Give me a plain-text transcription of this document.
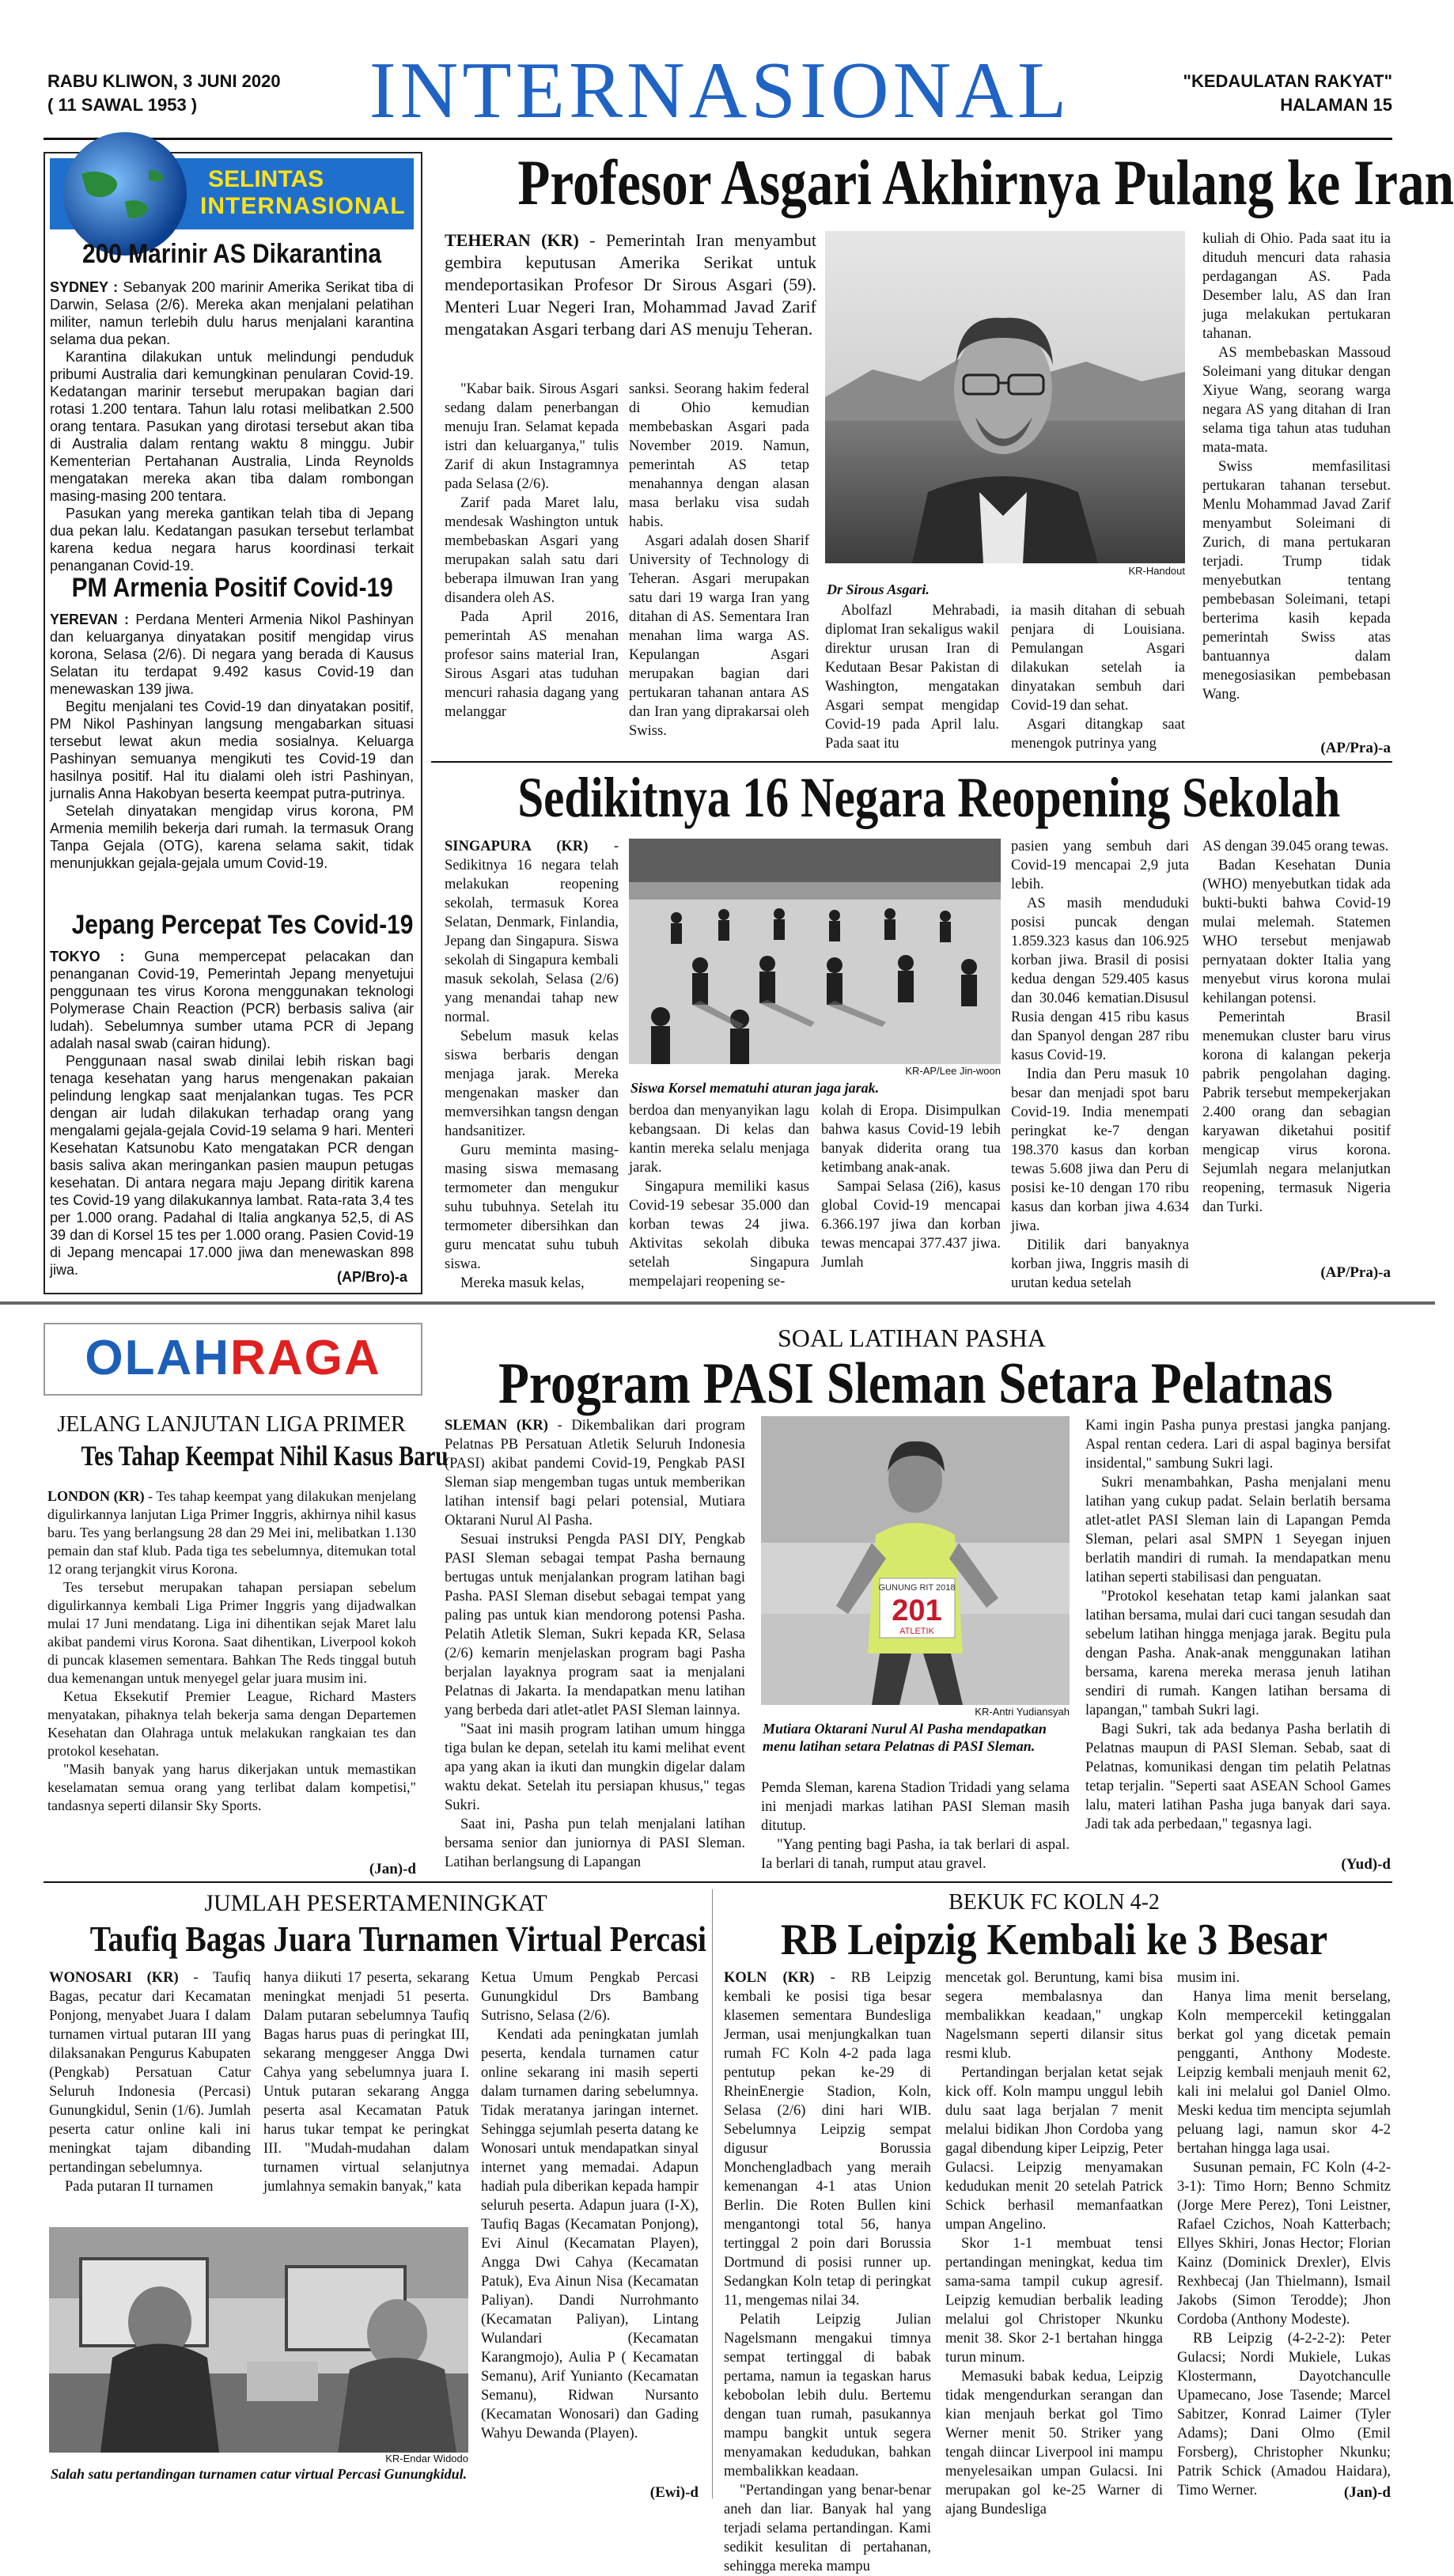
RABU KLIWON, 3 JUNI 2020
( 11 SAWAL 1953 )	INTERNASIONAL	"KEDAULATAN RAKYAT"
HALAMAN 15
SELINTAS
INTERNASIONAL
200 Marinir AS Dikarantina

SYDNEY : Sebanyak 200 marinir Amerika Serikat tiba di Darwin, Selasa (2/6). Mereka akan menjalani pelatihan militer, namun terlebih dulu harus menjalani karantina selama dua pekan.

Karantina dilakukan untuk melindungi penduduk pribumi Australia dari kemungkinan penularan Covid-19. Kedatangan marinir tersebut merupakan bagian dari rotasi 1.200 tentara. Tahun lalu rotasi melibatkan 2.500 orang tentara. Pasukan yang dirotasi tersebut akan tiba di Australia dalam rentang waktu 8 minggu. Jubir Kementerian Pertahanan Australia, Linda Reynolds mengatakan mereka akan tiba dalam rombongan masing-masing 200 tentara.

Pasukan yang mereka gantikan telah tiba di Jepang dua pekan lalu. Kedatangan pasukan tersebut terlambat karena kedua negara harus koordinasi terkait penanganan Covid-19.

PM Armenia Positif Covid-19

YEREVAN : Perdana Menteri Armenia Nikol Pashinyan dan keluarganya dinyatakan positif mengidap virus korona, Selasa (2/6). Di negara yang berada di Kausus Selatan itu terdapat 9.492 kasus Covid-19 dan menewaskan 139 jiwa.

Begitu menjalani tes Covid-19 dan dinyatakan positif, PM Nikol Pashinyan langsung mengabarkan situasi tersebut lewat akun media sosialnya. Keluarga Pashinyan semuanya mengikuti tes Covid-19 dan hasilnya positif. Hal itu dialami oleh istri Pashinyan, jurnalis Anna Hakobyan beserta keempat putra-putrinya.

Setelah dinyatakan mengidap virus korona, PM Armenia memilih bekerja dari rumah. Ia termasuk Orang Tanpa Gejala (OTG), karena selama sakit, tidak menunjukkan gejala-gejala umum Covid-19.

Jepang Percepat Tes Covid-19

TOKYO : Guna mempercepat pelacakan dan penanganan Covid-19, Pemerintah Jepang menyetujui penggunaan tes virus Korona menggunakan teknologi Polymerase Chain Reaction (PCR) berbasis saliva (air ludah). Sebelumnya sumber utama PCR di Jepang adalah nasal swab (cairan hidung).

Penggunaan nasal swab dinilai lebih riskan bagi tenaga kesehatan yang harus mengenakan pakaian pelindung lengkap saat menjalankan tugas. Tes PCR dengan air ludah dilakukan terhadap orang yang mengalami gejala-gejala Covid-19 selama 9 hari. Menteri Kesehatan Katsunobu Kato mengatakan PCR dengan basis saliva akan meringankan pasien maupun petugas kesehatan. Di antara negara maju Jepang diritik karena tes Covid-19 yang dilakukannya lambat. Rata-rata 3,4 tes per 1.000 orang. Padahal di Italia angkanya 52,5, di AS 39 dan di Korsel 15 tes per 1.000 orang. Pasien Covid-19 di Jepang mencapai 17.000 jiwa dan menewaskan 898 jiwa.	(AP/Bro)-a
Profesor Asgari Akhirnya Pulang ke Iran

TEHERAN (KR) - Pemerintah Iran menyambut gembira keputusan Amerika Serikat untuk mendeportasikan Profesor Dr Sirous Asgari (59). Menteri Luar Negeri Iran, Mohammad Javad Zarif mengatakan Asgari terbang dari AS menuju Teheran.

"Kabar baik. Sirous Asgari sedang dalam penerbangan menuju Iran. Selamat kepada istri dan keluarganya," tulis Zarif di akun Instagramnya pada Selasa (2/6).

Zarif pada Maret lalu, mendesak Washington untuk membebaskan Asgari yang merupakan salah satu dari beberapa ilmuwan Iran yang disandera oleh AS.

Pada April 2016, pemerintah AS menahan profesor sains material Iran, Sirous Asgari atas tuduhan mencuri rahasia dagang yang melanggar

sanksi. Seorang hakim federal di Ohio kemudian membebaskan Asgari pada November 2019. Namun, pemerintah AS tetap menahannya dengan alasan masa berlaku visa sudah habis.

Asgari adalah dosen Sharif University of Technology di Teheran. Asgari merupakan satu dari 19 warga Iran yang ditahan di AS. Sementara Iran menahan lima warga AS. Kepulangan Asgari merupakan bagian dari pertukaran tahanan antara AS dan Iran yang diprakarsai oleh Swiss.

KR-Handout
Dr Sirous Asgari.

Abolfazl Mehrabadi, diplomat Iran sekaligus wakil direktur urusan Iran di Kedutaan Besar Pakistan di Washington, mengatakan Asgari sempat mengidap Covid-19 pada April lalu. Pada saat itu

ia masih ditahan di sebuah penjara di Louisiana. Pemulangan Asgari dilakukan setelah ia dinyatakan sembuh dari Covid-19 dan sehat.

Asgari ditangkap saat menengok putrinya yang

kuliah di Ohio. Pada saat itu ia dituduh mencuri data rahasia perdagangan AS. Pada Desember lalu, AS dan Iran juga melakukan pertukaran tahanan.

AS membebaskan Massoud Soleimani yang ditukar dengan Xiyue Wang, seorang warga negara AS yang ditahan di Iran selama tiga tahun atas tuduhan mata-mata.

Swiss memfasilitasi pertukaran tahanan tersebut. Menlu Mohammad Javad Zarif menyambut Soleimani di Zurich, di mana pertukaran terjadi. Trump tidak menyebutkan tentang pembebasan Soleimani, tetapi berterima kasih kepada pemerintah Swiss atas bantuannya dalam menegosiasikan pembebasan Wang.

(AP/Pra)-a
Sedikitnya 16 Negara Reopening Sekolah

SINGAPURA (KR) - Sedikitnya 16 negara telah melakukan reopening sekolah, termasuk Korea Selatan, Denmark, Finlandia, Jepang dan Singapura. Siswa sekolah di Singapura kembali masuk sekolah, Selasa (2/6) yang menandai tahap new normal.

Sebelum masuk kelas siswa berbaris dengan menjaga jarak. Mereka mengenakan masker dan memversihkan tangsn dengan handsanitizer.

Guru meminta masing-masing siswa memasang termometer dan mengukur suhu tubuhnya. Setelah itu termometer dibersihkan dan guru mencatat suhu tubuh siswa.

Mereka masuk kelas,

KR-AP/Lee Jin-woon
Siswa Korsel mematuhi aturan jaga jarak.

berdoa dan menyanyikan lagu kebangsaan. Di kelas dan kantin mereka selalu menjaga jarak.

Singapura memiliki kasus Covid-19 sebesar 35.000 dan korban tewas 24 jiwa. Aktivitas sekolah dibuka setelah Singapura mempelajari reopening se-

kolah di Eropa. Disimpulkan bahwa kasus Covid-19 lebih banyak diderita orang tua ketimbang anak-anak.

Sampai Selasa (2i6), kasus global Covid-19 mencapai 6.366.197 jiwa dan korban tewas mencapai 377.437 jiwa. Jumlah

pasien yang sembuh dari Covid-19 mencapai 2,9 juta lebih.

AS masih menduduki posisi puncak dengan 1.859.323 kasus dan 106.925 korban jiwa. Brasil di posisi kedua dengan 529.405 kasus dan 30.046 kematian.Disusul Rusia dengan 415 ribu kasus dan Spanyol dengan 287 ribu kasus Covid-19.

India dan Peru masuk 10 besar dan menjadi spot baru Covid-19. India menempati peringkat ke-7 dengan 198.370 kasus dan korban tewas 5.608 jiwa dan Peru di posisi ke-10 dengan 170 ribu kasus dan korban jiwa 4.634 jiwa.

Ditilik dari banyaknya korban jiwa, Inggris masih di urutan kedua setelah

AS dengan 39.045 orang tewas.

Badan Kesehatan Dunia (WHO) menyebutkan tidak ada bukti-bukti bahwa Covid-19 mulai melemah. Statemen WHO tersebut menjawab pernyataan dokter Italia yang menyebut virus korona mulai kehilangan potensi.

Pemerintah Brasil menemukan cluster baru virus korona di kalangan pekerja pabrik pengolahan daging. Pabrik tersebut mempekerjakan 2.400 orang dan sebagian karyawan diketahui positif mengicap virus korona. Sejumlah negara melanjutkan reopening, termasuk Nigeria dan Turki.

(AP/Pra)-a
OLAHRAGA
JELANG LANJUTAN LIGA PRIMER
Tes Tahap Keempat Nihil Kasus Baru

LONDON (KR) - Tes tahap keempat yang dilakukan menjelang digulirkannya lanjutan Liga Primer Inggris, akhirnya nihil kasus baru. Tes yang berlangsung 28 dan 29 Mei ini, melibatkan 1.130 pemain dan staf klub. Pada tiga tes sebelumnya, ditemukan total 12 orang terjangkit virus Korona.

Tes tersebut merupakan tahapan persiapan sebelum digulirkannya kembali Liga Primer Inggris yang dijadwalkan mulai 17 Juni mendatang. Liga ini dihentikan sejak Maret lalu akibat pandemi virus Korona. Saat dihentikan, Liverpool kokoh di puncak klasemen sementara. Bahkan The Reds tinggal butuh dua kemenangan untuk menyegel gelar juara musim ini.

Ketua Eksekutif Premier League, Richard Masters menyatakan, pihaknya telah bekerja sama dengan Departemen Kesehatan dan Olahraga untuk melakukan rangkaian tes dan protokol kesehatan.

"Masih banyak yang harus dikerjakan untuk memastikan keselamatan semua orang yang terlibat dalam kompetisi," tandasnya seperti dilansir Sky Sports.

(Jan)-d
SOAL LATIHAN PASHA
Program PASI Sleman Setara Pelatnas

SLEMAN (KR) - Dikembalikan dari program Pelatnas PB Persatuan Atletik Seluruh Indonesia (PASI) akibat pandemi Covid-19, Pengkab PASI Sleman siap mengemban tugas untuk memberikan latihan intensif bagi pelari potensial, Mutiara Oktarani Nurul Al Pasha.

Sesuai instruksi Pengda PASI DIY, Pengkab PASI Sleman sebagai tempat Pasha bernaung bertugas untuk menjalankan program latihan bagi Pasha. PASI Sleman disebut sebagai tempat yang paling pas untuk kian mendorong potensi Pasha. Pelatih Atletik Sleman, Sukri kepada KR, Selasa (2/6) kemarin menjelaskan program bagi Pasha berjalan layaknya program saat ia menjalani Pelatnas di Jakarta. Ia mendapatkan menu latihan yang berbeda dari atlet-atlet PASI Sleman lainnya.

"Saat ini masih program latihan umum hingga tiga bulan ke depan, setelah itu kami melihat event apa yang akan ia ikuti dan mungkin digelar dalam waktu dekat. Setelah itu persiapan khusus," tegas Sukri.

Saat ini, Pasha pun telah menjalani latihan bersama senior dan juniornya di PASI Sleman. Latihan berlangsung di Lapangan

GUNUNG RIT 2018
201
ATLETIK
KR-Antri Yudiansyah
Mutiara Oktarani Nurul Al Pasha mendapatkan menu latihan setara Pelatnas di PASI Sleman.

Pemda Sleman, karena Stadion Tridadi yang selama ini menjadi markas latihan PASI Sleman masih ditutup.

"Yang penting bagi Pasha, ia tak berlari di aspal. Ia berlari di tanah, rumput atau gravel.

Kami ingin Pasha punya prestasi jangka panjang. Aspal rentan cedera. Lari di aspal baginya bersifat insidental," sambung Sukri lagi.

Sukri menambahkan, Pasha menjalani menu latihan yang cukup padat. Selain berlatih bersama atlet-atlet PASI Sleman lain di Lapangan Pemda Sleman, pelari asal SMPN 1 Seyegan injuen berlatih mandiri di rumah. Ia mendapatkan menu latihan seperti stabilisasi dan penguatan.

"Protokol kesehatan tetap kami jalankan saat latihan bersama, mulai dari cuci tangan sesudah dan sebelum latihan hingga menjaga jarak. Begitu pula dengan Pasha. Anak-anak menggunakan latihan bersama, karena mereka merasa jenuh latihan sendiri di rumah. Kangen latihan bersama di lapangan," tambah Sukri lagi.

Bagi Sukri, tak ada bedanya Pasha berlatih di Pelatnas maupun di PASI Sleman. Sebab, saat di Pelatnas, komunikasi dengan tim pelatih Pelatnas tetap terjalin. "Seperti saat ASEAN School Games lalu, materi latihan Pasha juga banyak dari saya. Jadi tak ada perbedaan," tegasnya lagi.

(Yud)-d
JUMLAH PESERTAMENINGKAT
Taufiq Bagas Juara Turnamen Virtual Percasi

WONOSARI (KR) - Taufiq Bagas, pecatur dari Kecamatan Ponjong, menyabet Juara I dalam turnamen virtual putaran III yang dilaksanakan Pengurus Kabupaten (Pengkab) Persatuan Catur Seluruh Indonesia (Percasi) Gunungkidul, Senin (1/6). Jumlah peserta catur online kali ini meningkat tajam dibanding pertandingan sebelumnya.

Pada putaran II turnamen

hanya diikuti 17 peserta, sekarang meningkat menjadi 51 peserta. Dalam putaran sebelumnya Taufiq Bagas harus puas di peringkat III, sekarang menggeser Angga Dwi Cahya yang sebelumnya juara I. Untuk putaran sekarang Angga peserta asal Kecamatan Patuk harus tukar tempat ke peringkat III. "Mudah-mudahan dalam turnamen virtual selanjutnya jumlahnya semakin banyak," kata

KR-Endar Widodo
Salah satu pertandingan turnamen catur virtual Percasi Gunungkidul.

Ketua Umum Pengkab Percasi Gunungkidul Drs Bambang Sutrisno, Selasa (2/6).

Kendati ada peningkatan jumlah peserta, kendala turnamen catur online sekarang ini masih seperti dalam turnamen daring sebelumnya. Tidak meratanya jaringan internet. Sehingga sejumlah peserta datang ke Wonosari untuk mendapatkan sinyal internet yang memadai. Adapun hadiah pula diberikan kepada hampir seluruh peserta. Adapun juara (I-X), Taufiq Bagas (Kecamatan Ponjong), Evi Ainul (Kecamatan Playen), Angga Dwi Cahya (Kecamatan Patuk), Eva Ainun Nisa (Kecamatan Paliyan). Dandi Nurrohmanto (Kecamatan Paliyan), Lintang Wulandari (Kecamatan Karangmojo), Aulia P ( Kecamatan Semanu), Arif Yunianto (Kecamatan Semanu), Ridwan Nursanto (Kecamatan Wonosari) dan Gading Wahyu Dewanda (Playen).

(Ewi)-d
BEKUK FC KOLN 4-2
RB Leipzig Kembali ke 3 Besar

KOLN (KR) - RB Leipzig kembali ke posisi tiga besar klasemen sementara Bundesliga Jerman, usai menjungkalkan tuan rumah FC Koln 4-2 pada laga pentutup pekan ke-29 di RheinEnergie Stadion, Koln, Selasa (2/6) dini hari WIB. Sebelumnya Leipzig sempat digusur Borussia Monchengladbach yang meraih kemenangan 4-1 atas Union Berlin. Die Roten Bullen kini mengantongi total 56, hanya tertinggal 2 poin dari Borussia Dortmund di posisi runner up. Sedangkan Koln tetap di peringkat 11, mengemas nilai 34.

Pelatih Leipzig Julian Nagelsmann mengakui timnya sempat tertinggal di babak pertama, namun ia tegaskan harus kebobolan lebih dulu. Bertemu dengan tuan rumah, pasukannya mampu bangkit untuk segera menyamakan kedudukan, bahkan membalikkan keadaan.

"Pertandingan yang benar-benar aneh dan liar. Banyak hal yang terjadi selama pertandingan. Kami sedikit kesulitan di pertahanan, sehingga mereka mampu

mencetak gol. Beruntung, kami bisa segera membalasnya dan membalikkan keadaan," ungkap Nagelsmann seperti dilansir situs resmi klub.

Pertandingan berjalan ketat sejak kick off. Koln mampu unggul lebih dulu saat laga berjalan 7 menit melalui bidikan Jhon Cordoba yang gagal dibendung kiper Leipzig, Peter Gulacsi. Leipzig menyamakan kedudukan menit 20 setelah Patrick Schick berhasil memanfaatkan umpan Angelino.

Skor 1-1 membuat tensi pertandingan meningkat, kedua tim sama-sama tampil cukup agresif. Leipzig kemudian berbalik leading melalui gol Christoper Nkunku menit 38. Skor 2-1 bertahan hingga turun minum.

Memasuki babak kedua, Leipzig tidak mengendurkan serangan dan kian menjauh berkat gol Timo Werner menit 50. Striker yang tengah diincar Liverpool ini mampu menyelesaikan umpan Gulacsi. Ini merupakan gol ke-25 Warner di ajang Bundesliga

musim ini.

Hanya lima menit berselang, Koln mempercekil ketinggalan berkat gol yang dicetak pemain pengganti, Anthony Modeste. Leipzig kembali menjauh menit 62, kali ini melalui gol Daniel Olmo. Meski kedua tim mencipta sejumlah peluang lagi, namun skor 4-2 bertahan hingga laga usai.

Susunan pemain, FC Koln (4-2-3-1): Timo Horn; Benno Schmitz (Jorge Mere Perez), Toni Leistner, Rafael Czichos, Noah Katterbach; Ellyes Skhiri, Jonas Hector; Florian Kainz (Dominick Drexler), Elvis Rexhbecaj (Jan Thielmann), Ismail Jakobs (Simon Terodde); Jhon Cordoba (Anthony Modeste).

RB Leipzig (4-2-2-2): Peter Gulacsi; Nordi Mukiele, Lukas Klostermann, Dayotchanculle Upamecano, Jose Tasende; Marcel Sabitzer, Konrad Laimer (Tyler Adams); Dani Olmo (Emil Forsberg), Christopher Nkunku; Patrik Schick (Amadou Haidara), Timo Werner.	(Jan)-d
